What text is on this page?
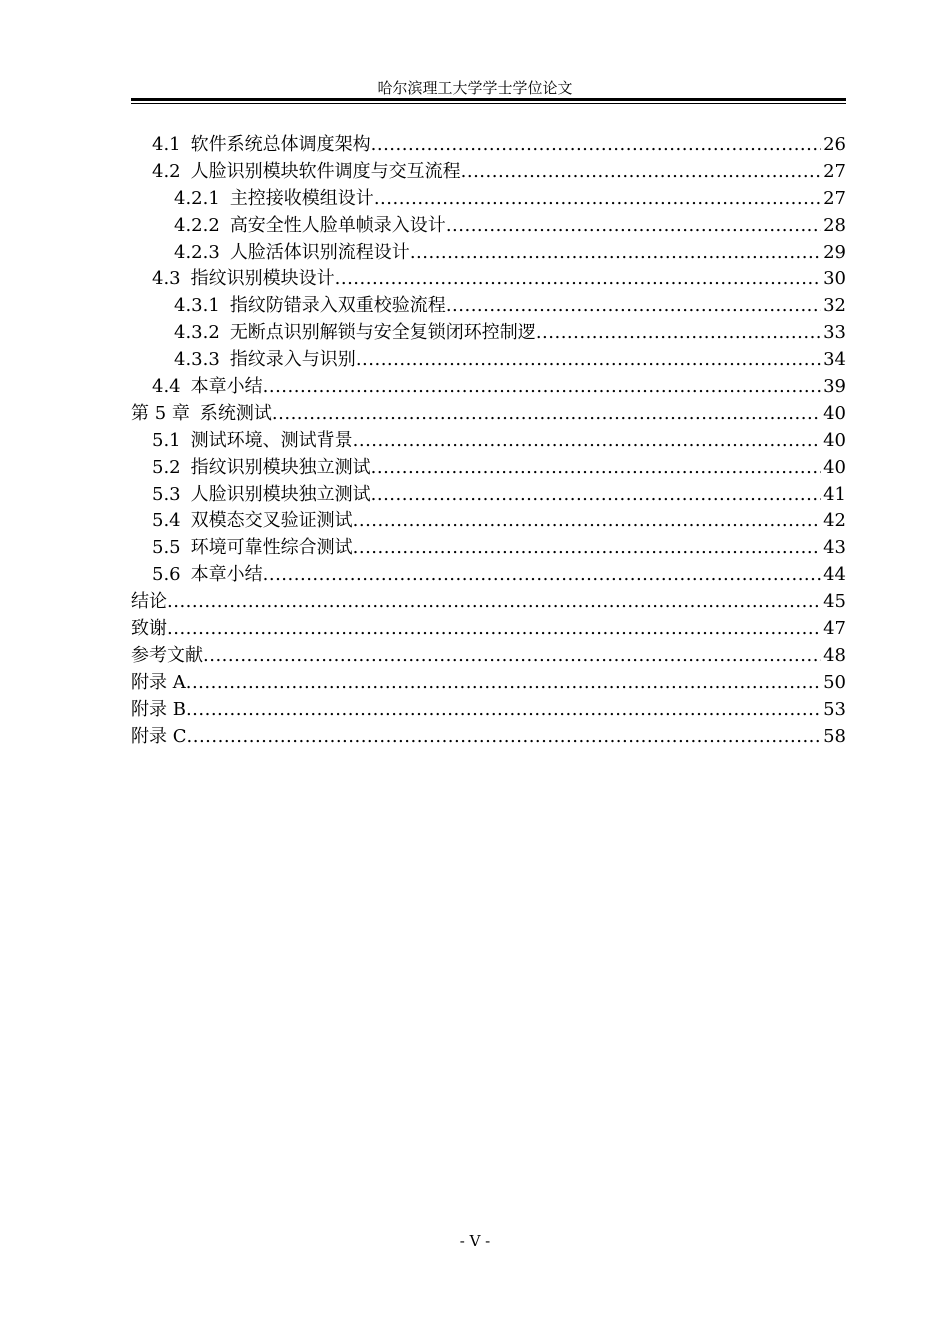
哈尔滨理工大学学士学位论文
4.1 软件系统总体调度架构 .....	26
4.2 人脸识别模块软件调度与交互流程 .....	27
4.2.1 主控接收模组设计 .....	27
4.2.2 高安全性人脸单帧录入设计 .....	28
4.2.3 人脸活体识别流程设计 .....	29
4.3 指纹识别模块设计 .....	30
4.3.1 指纹防错录入双重校验流程 .....	32
4.3.2 无断点识别解锁与安全复锁闭环控制逻 .....	33
4.3.3 指纹录入与识别 .....	34
4.4 本章小结 .....	39
第 5 章 系统测试 .....	40
5.1 测试环境、测试背景 .....	40
5.2 指纹识别模块独立测试 .....	40
5.3 人脸识别模块独立测试 .....	41
5.4 双模态交叉验证测试 .....	42
5.5 环境可靠性综合测试 .....	43
5.6 本章小结 .....	44
结论 .....	45
致谢 .....	47
参考文献 .....	48
附录 A .....	50
附录 B .....	53
附录 C .....	58
- V -
